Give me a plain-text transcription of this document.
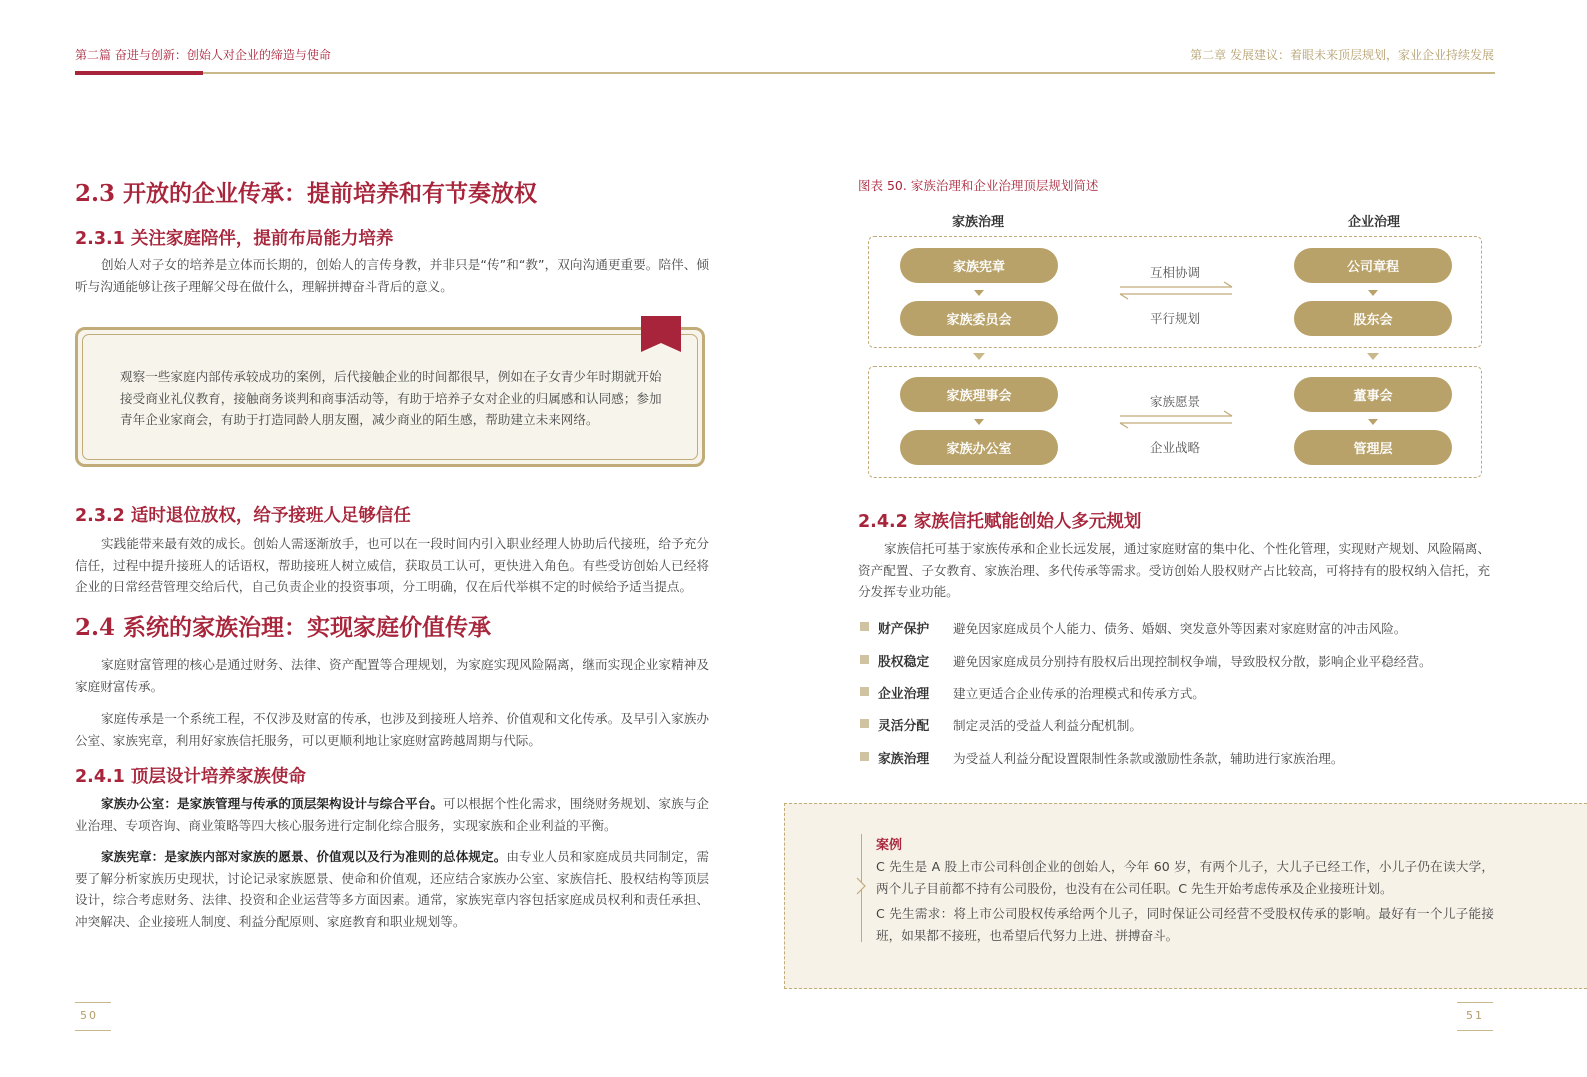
第二篇 奋进与创新：创始人对企业的缔造与使命	第二章 发展建议：着眼未来顶层规划，家业企业持续发展
2.3 开放的企业传承：提前培养和有节奏放权
2.3.1 关注家庭陪伴，提前布局能力培养

创始人对子女的培养是立体而长期的，创始人的言传身教，并非只是“传”和“教”，双向沟通更重要。陪伴、倾听与沟通能够让孩子理解父母在做什么，理解拼搏奋斗背后的意义。

观察一些家庭内部传承较成功的案例，后代接触企业的时间都很早，例如在子女青少年时期就开始接受商业礼仪教育，接触商务谈判和商事活动等，有助于培养子女对企业的归属感和认同感；参加青年企业家商会，有助于打造同龄人朋友圈，减少商业的陌生感，帮助建立未来网络。

2.3.2 适时退位放权，给予接班人足够信任

实践能带来最有效的成长。创始人需逐渐放手，也可以在一段时间内引入职业经理人协助后代接班，给予充分信任，过程中提升接班人的话语权，帮助接班人树立威信，获取员工认可，更快进入角色。有些受访创始人已经将企业的日常经营管理交给后代，自己负责企业的投资事项，分工明确，仅在后代举棋不定的时候给予适当提点。

2.4 系统的家族治理：实现家庭价值传承

家庭财富管理的核心是通过财务、法律、资产配置等合理规划，为家庭实现风险隔离，继而实现企业家精神及家庭财富传承。

家庭传承是一个系统工程，不仅涉及财富的传承，也涉及到接班人培养、价值观和文化传承。及早引入家族办公室、家族宪章，利用好家族信托服务，可以更顺利地让家庭财富跨越周期与代际。

2.4.1 顶层设计培养家族使命

家族办公室：是家族管理与传承的顶层架构设计与综合平台。可以根据个性化需求，围绕财务规划、家族与企业治理、专项咨询、商业策略等四大核心服务进行定制化综合服务，实现家族和企业利益的平衡。

家族宪章：是家族内部对家族的愿景、价值观以及行为准则的总体规定。由专业人员和家庭成员共同制定，需要了解分析家族历史现状，讨论记录家族愿景、使命和价值观，还应结合家族办公室、家族信托、股权结构等顶层设计，综合考虑财务、法律、投资和企业运营等多方面因素。通常，家族宪章内容包括家庭成员权利和责任承担、冲突解决、企业接班人制度、利益分配原则、家庭教育和职业规划等。

图表 50. 家族治理和企业治理顶层规划简述
家族治理	企业治理
家族宪章
家族委员会
公司章程
股东会
互相协调
平行规划
家族理事会
家族办公室
董事会
管理层
家族愿景
企业战略
2.4.2 家族信托赋能创始人多元规划

家族信托可基于家族传承和企业长远发展，通过家庭财富的集中化、个性化管理，实现财产规划、风险隔离、资产配置、子女教育、家族治理、多代传承等需求。受访创始人股权财产占比较高，可将持有的股权纳入信托，充分发挥专业功能。

财产保护 避免因家庭成员个人能力、债务、婚姻、突发意外等因素对家庭财富的冲击风险。
股权稳定 避免因家庭成员分别持有股权后出现控制权争端，导致股权分散，影响企业平稳经营。
企业治理 建立更适合企业传承的治理模式和传承方式。
灵活分配 制定灵活的受益人利益分配机制。
家族治理 为受益人利益分配设置限制性条款或激励性条款，辅助进行家族治理。
案例

C 先生是 A 股上市公司科创企业的创始人，今年 60 岁，有两个儿子，大儿子已经工作，小儿子仍在读大学，两个儿子目前都不持有公司股份，也没有在公司任职。C 先生开始考虑传承及企业接班计划。

C 先生需求：将上市公司股权传承给两个儿子，同时保证公司经营不受股权传承的影响。最好有一个儿子能接班，如果都不接班，也希望后代努力上进、拼搏奋斗。

50	51
